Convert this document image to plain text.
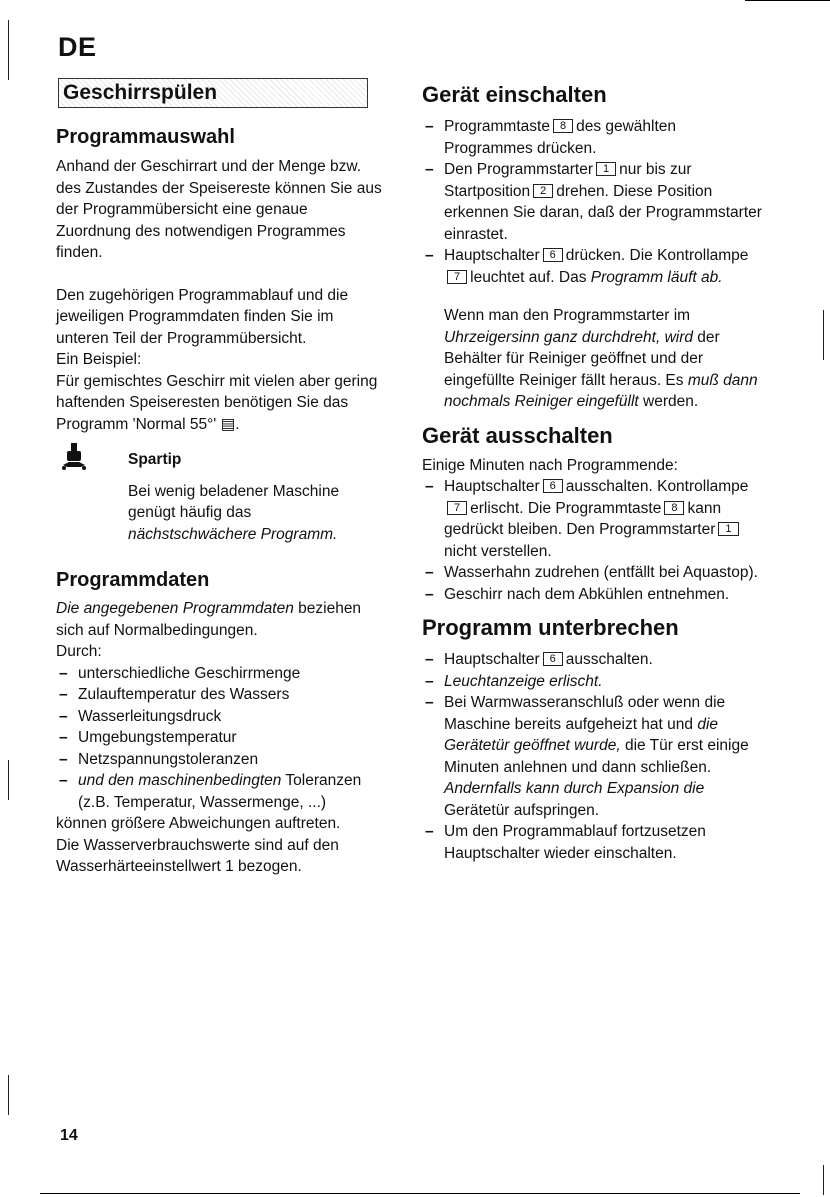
DE
Geschirrspülen
Programmauswahl

Anhand der Geschirrart und der Menge bzw. des Zustandes der Speisereste können Sie aus der Programmübersicht eine genaue Zuordnung des notwendigen Programmes finden.

Den zugehörigen Programmablauf und die jeweiligen Programmdaten finden Sie im unteren Teil der Programmübersicht.

Ein Beispiel:

Für gemischtes Geschirr mit vielen aber gering haftenden Speiseresten benötigen Sie das Programm 'Normal 55°' ▤.

Spartip

Bei wenig beladener Maschine

genügt häufig das
nächstschwächere Programm.

Programmdaten

Die angegebenen Programmdaten beziehen sich auf Normalbedingungen.

Durch:

– unterschiedliche Geschirrmenge
– Zulauftemperatur des Wassers
– Wasserleitungsdruck
– Umgebungstemperatur
– Netzspannungstoleranzen
– und den maschinenbedingten Toleranzen (z.B. Temperatur, Wassermenge, ...)

können größere Abweichungen auftreten.

Die Wasserverbrauchswerte sind auf den Wasserhärteeinstellwert 1 bezogen.

Gerät einschalten
– Programmtaste 8 des gewählten Programmes drücken.
– Den Programmstarter 1 nur bis zur Startposition 2 drehen. Diese Position erkennen Sie daran, daß der Programmstarter einrastet.
– Hauptschalter 6 drücken. Die Kontrollampe7 leuchtet auf. Das Programm läuft ab.

Wenn man den Programmstarter im Uhrzeigersinn ganz durchdreht, wird der Behälter für Reiniger geöffnet und der eingefüllte Reiniger fällt heraus. Es muß dann nochmals Reiniger eingefüllt werden.

Gerät ausschalten

Einige Minuten nach Programmende:

– Hauptschalter 6 ausschalten. Kontrollampe7 erlischt. Die Programmtaste 8 kann gedrückt bleiben. Den Programmstarter 1nicht verstellen.
– Wasserhahn zudrehen (entfällt bei Aquastop).
– Geschirr nach dem Abkühlen entnehmen.
Programm unterbrechen
– Hauptschalter 6 ausschalten.
– Leuchtanzeige erlischt.
– Bei Warmwasseranschluß oder wenn die Maschine bereits aufgeheizt hat und die Gerätetür geöffnet wurde, die Tür erst einige Minuten anlehnen und dann schließen. Andernfalls kann durch Expansion die Gerätetür aufspringen.
– Um den Programmablauf fortzusetzen Hauptschalter wieder einschalten.
14
